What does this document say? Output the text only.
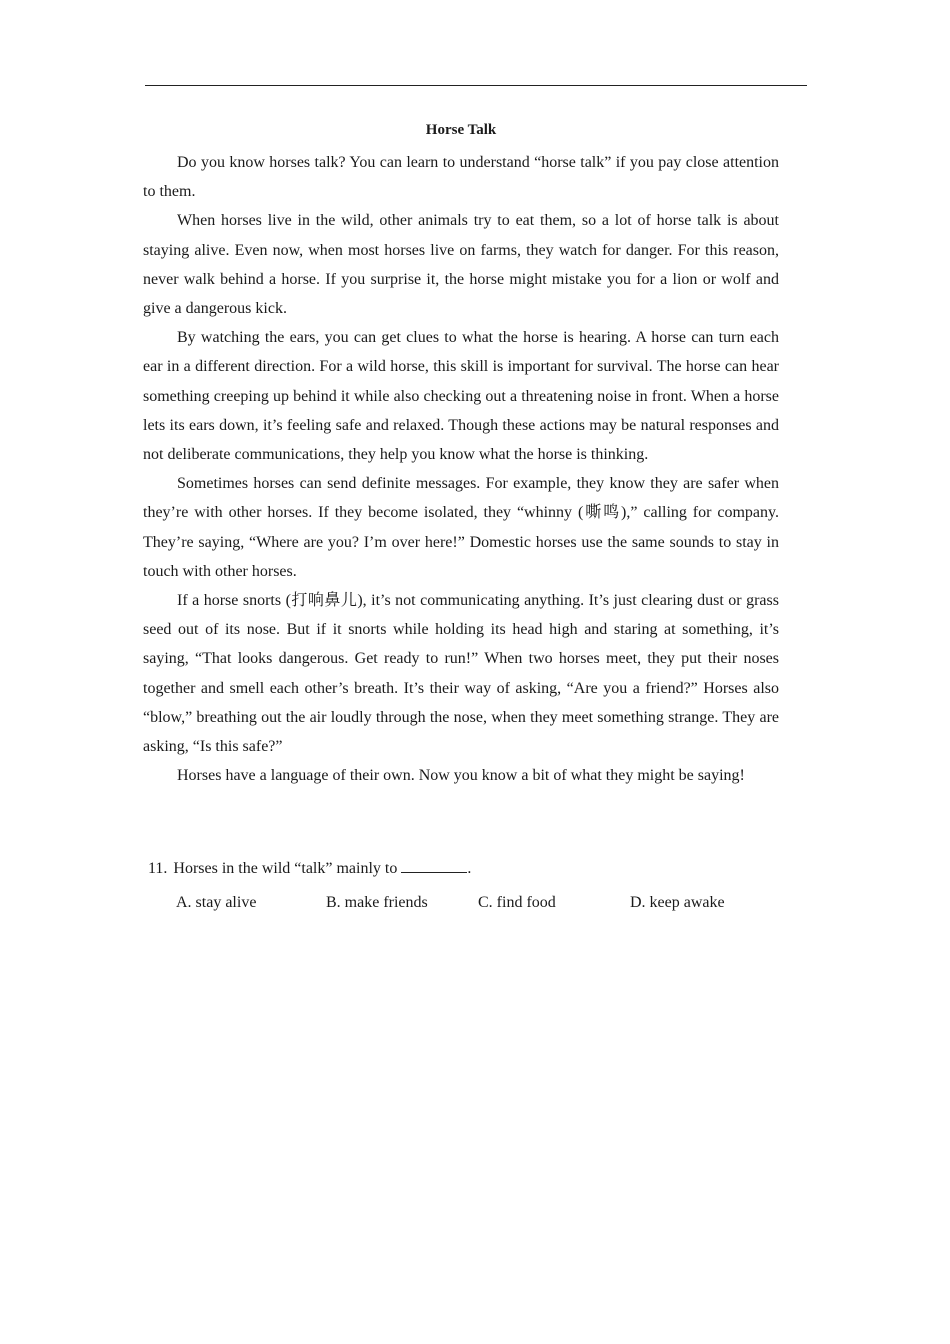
Horse Talk

Do you know horses talk? You can learn to understand “horse talk” if you pay close attention to them.

When horses live in the wild, other animals try to eat them, so a lot of horse talk is about staying alive. Even now, when most horses live on farms, they watch for danger. For this reason, never walk behind a horse. If you surprise it, the horse might mistake you for a lion or wolf and give a dangerous kick.

By watching the ears, you can get clues to what the horse is hearing. A horse can turn each ear in a different direction. For a wild horse, this skill is important for survival. The horse can hear something creeping up behind it while also checking out a threatening noise in front. When a horse lets its ears down, it’s feeling safe and relaxed. Though these actions may be natural responses and not deliberate communications, they help you know what the horse is thinking.

Sometimes horses can send definite messages. For example, they know they are safer when they’re with other horses. If they become isolated, they “whinny (嘶鸣),” calling for company. They’re saying, “Where are you? I’m over here!” Domestic horses use the same sounds to stay in touch with other horses.

If a horse snorts (打响鼻儿), it’s not communicating anything. It’s just clearing dust or grass seed out of its nose. But if it snorts while holding its head high and staring at something, it’s saying, “That looks dangerous. Get ready to run!” When two horses meet, they put their noses together and smell each other’s breath. It’s their way of asking, “Are you a friend?” Horses also “blow,” breathing out the air loudly through the nose, when they meet something strange. They are asking, “Is this safe?”

Horses have a language of their own. Now you know a bit of what they might be saying!

11. Horses in the wild “talk” mainly to	.

A. stay alive	B. make friends	C. find food	D. keep awake
